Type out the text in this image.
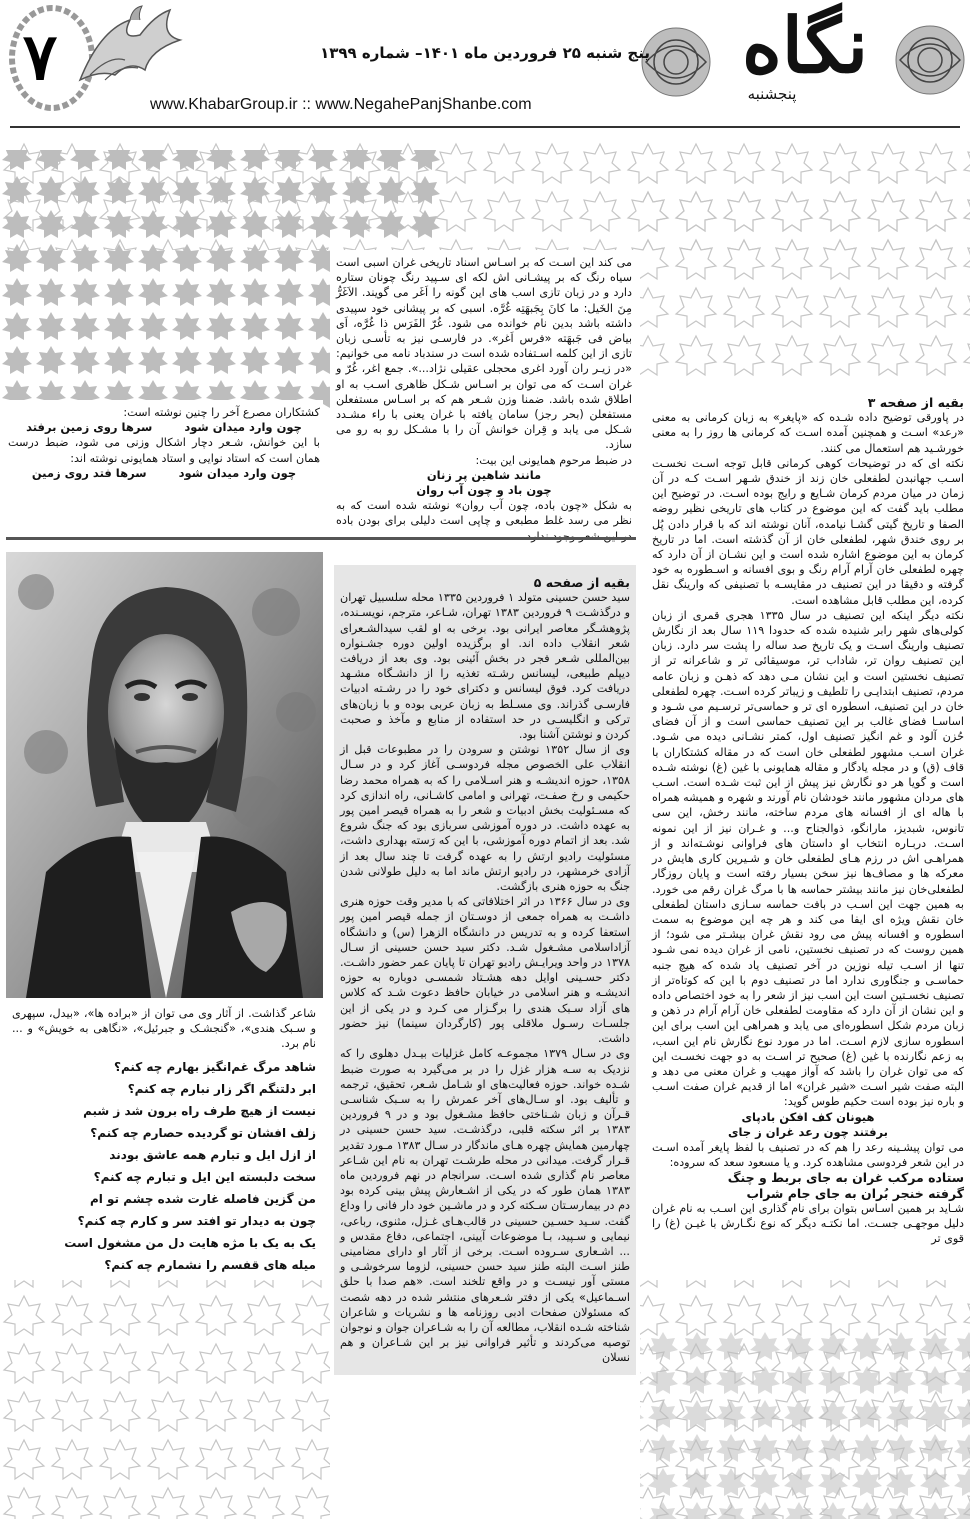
۷	پنج شنبه ۲۵ فروردین ماه ۱۴۰۱– شماره ۱۳۹۹
www.KhabarGroup.ir :: www.NegahePanjShanbe.com
نگاه
پنجشنبه

بقیه از صفحه ۳

در پاورقی توضیح داده شـده که «پایغر» به زبان کرمانی به معنی «رعد» اسـت و همچنین آمده اسـت که کرمانی ها روز را به معنی خورشـید هم استعمال می کنند.

نکته ای که در توضیحات کوهی کرمانی قابل توجه اسـت نخسـت اسـب جهانبدن لطفعلی خان زند از خندق شـهر اسـت کـه در آن زمان در میان مردم کرمان شـایع و رایج بوده اسـت. در توضیح این مطلب باید گفت که این موضوع در کتاب های تاریخی نظیر روضه الصفا و تاریخ گیتی گشـا نیامده، آنان نوشته اند که با قرار دادن پُل بر روی خندق شهر، لطفعلی خان از آن گذشته است. اما در تاریخ کرمان به این موضوع اشاره شده است و این نشـان از آن دارد که چهره لطفعلی خان آرام آرام رنگ و بوی افسانه و اسـطوره به خود گرفته و دقیقا در این تصنیف در مقایسـه با تصنیفی که وارینگ نقل کرده، این مطلب قابل مشاهده است.

نکته دیگر اینکه این تصنیف در سال ۱۳۳۵ هجری قمری از زبان کولی‌های شهر رابر شنیده شده که حدودا ۱۱۹ سال بعد از نگارش تصنیف وارینگ اسـت و یک تاریخ صد ساله را پشت سر دارد. زبان این تصنیف روان تر، شاداب تر، موسیقائی تر و شاعرانه تر از تصنیف نخستین است و این نشان مـی دهد که ذهـن و زبان عامه مردم، تصنیف ابتدایـی را تلطیف و زیباتر کرده اسـت. چهره لطفعلی خان در این تصنیف، اسطوره ای تر و حماسی‌تر ترسـیم می شـود و اساسـا فضای غالب بر این تصنیف حماسی است و از آن فضای حُزن آلود و غم انگیز تصنیف اول، کمتر نشـانی دیده می شـود. غران اسـب مشهور لطفعلی خان است که در مقاله کشتکاران با قاف (ق) و در مجله یادگار و مقاله همایونی با غین (غ) نوشته شـده است و گویا هر دو نگارش نیز پیش از این ثبت شـده است. اسـب های مردان مشهور مانند خودشان نام آورند و شهره و همیشه همراه با هاله ای از افسانه های مردم ساخته، مانند رخش، این سی تانوس، شبدیز، مارانگو، ذوالجناح و... و غـران نیز از این نمونه اسـت. دربـاره انتخاب او داستان های فراوانی نوشـته‌اند و از همراهـی اش در رزم هـای لطفعلی خان و شـیرین کاری هایش در معرکه ها و مصاف‌ها نیز سخن بسیار رفته است و پایان روزگار لطفعلی‌خان نیز مانند بیشتر حماسه ها با مرگ غران رقم می خورد. به همین جهت این اسـب در بافت حماسه سـازی داستان لطفعلی خان نقش ویژه ای ایفا می کند و هر چه این موضوع به سمت اسطوره و افسانه پیش می رود نقش غران بیشـتر می شود؛ از همین روست که در تصنیف نخستین، نامی از غران دیده نمی شـود تنها از اسـب تیله نوزین در آخر تصنیف یاد شده که هیچ جنبه حماسـی و جنگاوری ندارد اما در تصنیف دوم با این که کوتاه‌تر از تصنیف نخسـتین است این اسب نیز از شعر را به خود اختصاص داده و این نشان از آن دارد که مقاومت لطفعلی خان آرام آرام در ذهن و زبان مردم شکل اسطوره‌ای می یابد و همراهی این اسب برای این اسطوره سازی لازم اسـت. اما در مورد نوع نگارش نام این اسب، به زعم نگارنده با غین (غ) صحیح تر اسـت به دو جهت نخسـت این که می توان غران را باشد که آواز مهیب و غران معنی می دهد و البته صفت شیر اسـت «شیر غران» اما از قدیم غران صفت اسـب و باره نیز بوده است حکیم طوس گوید:

هیونان کف افکن بادپای برفتند چون رعد غران ز جای

می توان پیشـینه رعد را هم که در تصنیف با لفظ پایغر آمده اسـت در این شعر فردوسی مشاهده کرد. و یا مسعود سعد که سروده:

ستاده مرکب غران به جای بربط و چنگ

گرفته خنجر بُران به جای جام شراب

شـاید بر همین اسـاس بتوان برای نام گذاری این اسـب به نام غران دلیل موجهـی جسـت. اما نکتـه دیگر که نوع نگـارش با غیـن (غ) را قوی تر

می کند این اسـت که بر اسـاس اسناد تاریخی غران اسبی است سیاه رنگ که بر پیشـانی اش لکه ای سـپید رنگ چونان ستاره دارد و در زبان تازی اسب های این گونه را اَغَر می گویند. الاَغَرُّ مِنَ الخَیل: ما کانَ بِجَبهَتِه غُرَّه. اسبی که بر پیشانی خود سپیدی داشته باشد بدین نام خوانده می شود. غُرّ الفَرَس ذا غُرَّه، اَی بیاض فی جَبهَته «فرس اَغر». در فارسـی نیز به تأسـی زبان تازی از این کلمه اسـتفاده شده است در سندباد نامه می خوانیم: «در زیـر ران آورد اغری محجلی عقیلی نژاد...». جمع اغر، غُرّ و غران اسـت که می توان بر اسـاس شـکل ظاهری اسـب به او اطلاق شده باشد. ضمنا وزن شـعر هم که بر اسـاس مستفعلن مستفعلن (بحر رجز) سامان یافته با غران یعنی با راء مشـدد شـکل می یابد و قِران خوانش آن را با مشـکل رو به رو می سازد.

در ضبط مرحوم همایونی این بیت:

مانند شاهین پر زنان چون باد و چون آب روان

به شکل «چون باده، چون آب روان» نوشته شده است که به نظر می رسد غلط مطبعی و چاپی است دلیلی برای بودن باده

کشتکاران مصرع آخر را چنین نوشته است:

چون وارد میدان شود سرها روی زمین برفتد

با این خوانش، شـعر دچار اشکال وزنی می شود، ضبط درست همان است که استاد نوایی و استاد همایونی نوشته اند:

چون وارد میدان شود سرها فتد روی زمین

بقیه از صفحه ۵

سید حسن حسینی متولد ۱ فروردین ۱۳۳۵ محله سلسبیل تهران و درگذشـت ۹ فروردین ۱۳۸۳ تهران، شـاعر، مترجم، نویسـنده، پژوهشـگر معاصر ایرانی بود. برخی به او لقب سیدالشـعرای شعر انقلاب داده اند. او برگزیده اولین دوره جشـنواره بین‌المللی شـعر فجر در بخش آئینی بود. وی بعد از دریافت دیپلم طبیعی، لیسانس رشـته تغذیه را از دانشـگاه مشـهد دریافت کرد. فوق لیسانس و دکترای خود را در رشـته ادبیات فارسـی گذراند. وی مسـلط به زبان عربی بوده و با زبان‌های ترکی و انگلیسـی در حد استفاده از منابع و مآخذ و صحبت کردن و نوشتن آشنا بود.

وی از سال ۱۳۵۲ نوشتن و سرودن را در مطبوعات قبل از انقلاب علی الخصوص مجله فردوسـی آغاز کرد و در سـال ۱۳۵۸، حوزه اندیشـه و هنر اسـلامی را که به همراه محمد رضا حکیمی و رخ صفـت، تهرانی و امامی کاشـانی، راه اندازی کرد که مسـئولیت بخش ادبیات و شعر را به همراه قیصر امین پور به عهده داشت. در دوره آموزشی سربازی بود که جنگ شروع شد. بعد از اتمام دوره آموزشی، با این که رَسته بهداری داشت، مسئولیت رادیو ارتش را به عهده گرفت تا چند سال بعد از آزادی خرمشهر، در رادیو ارتش ماند اما به دلیل طولانی شدن جنگ به حوزه هنری بازگشت.

وی در سال ۱۳۶۶ در اثر اختلافاتی که با مدیر وقت حوزه هنری داشـت به همراه جمعی از دوسـتان از جمله قیصر امین پور استعفا کرده و به تدریس در دانشگاه الزهرا (س) و دانشگاه آزاداسلامی مشـغول شـد. دکتر سید حسن حسینی از سـال ۱۳۷۸ در واحد ویرایـش رادیو تهران تا پایان عمر حضور داشـت. دکتر حسـینی اوایل دهه هشـتاد شمسـی دوباره به حوزه اندیشـه و هنر اسلامی در خیابان حافظ دعوت شـد که کلاس های آزاد سـبک هندی را برگـزار می کـرد و در یکی از این جلسـات رسـول ملاقلی پور (کارگردان سینما) نیز حضور داشت.

وی در سـال ۱۳۷۹ مجموعـه کامل غزلیات بیـدل دهلوی را که نزدیک به سـه هزار غزل را در بر می‌گیرد به صورت ضبط شـده خواند. حوزه فعالیت‌های او شـامل شـعر، تحقیق، ترجمه و تألیف بود. او سـال‌های آخر عمرش را به سـبک شناسـی قـرآن و زبان شـناختی حافظ مشـغول بود و در ۹ فروردین ۱۳۸۳ بر اثر سکته قلبی، درگذشـت. سید حسن حسینی در چهارمین همایش چهره هـای ماندگار در سـال ۱۳۸۳ مـورد تقدیر قـرار گرفت. میدانی در محله طرشـت تهران به نام این شـاعر معاصر نام گذاری شده اسـت. سرانجام در نهم فروردین ماه ۱۳۸۳ همان طور که در یکی از اشـعارش پیش بینی کرده بود دم در بیمارسـتان سـکته کرد و در ماشـین خود دار فانی را وداع گفت. سـید حسـین حسینی در قالب‌هـای غـزل، مثنوی، رباعی، نیمایی و سـپید، بـا موضوعات آیینی، اجتماعی، دفاع مقدس و ... اشـعاری سـروده اسـت. برخی از آثار او دارای مضامینی طنز اسـت البته طنز سید حسن حسینی، لزوما سرخوشـی و مستی آور نیسـت و در واقع تلخند است. «هم صدا با حلق اسـماعیل» یکی از دفتر شـعرهای منتشر شده در دهه شصت که مسئولان صفحات ادبی روزنامه ها و نشریات و شاعران شناخته شـده انقلاب، مطالعه آن را به شـاعران جوان و نوجوان توصیه می‌کردند و تأثیر فراوانی نیز بر این شـاعران و هم نسلان

شاعر گذاشت. از آثار وی می توان از «براده ها»، «بیدل، سپهری و سـبک هندی»، «گنجشـک و جبرئیل»، «نگاهی به خویش» و ... نام برد.

شاهد مرگ غم‌انگیز بهارم چه کنم؟
ابر دلتنگم اگر زار نبارم چه کنم؟
نیست از هیچ طرف راه برون شد ز شبم
زلف افشان تو گردیده حصارم چه کنم؟
از ازل ایل و تبارم همه عاشق بودند
سخت دلبسته این ایل و تبارم چه کنم؟
من گزین فاصله غارت شده چشم تو ام
چون به دیدار تو افتد سر و کارم چه کنم؟
یک به یک با مژه هایت دل من مشغول است
میله های قفسم را نشمارم چه کنم؟
